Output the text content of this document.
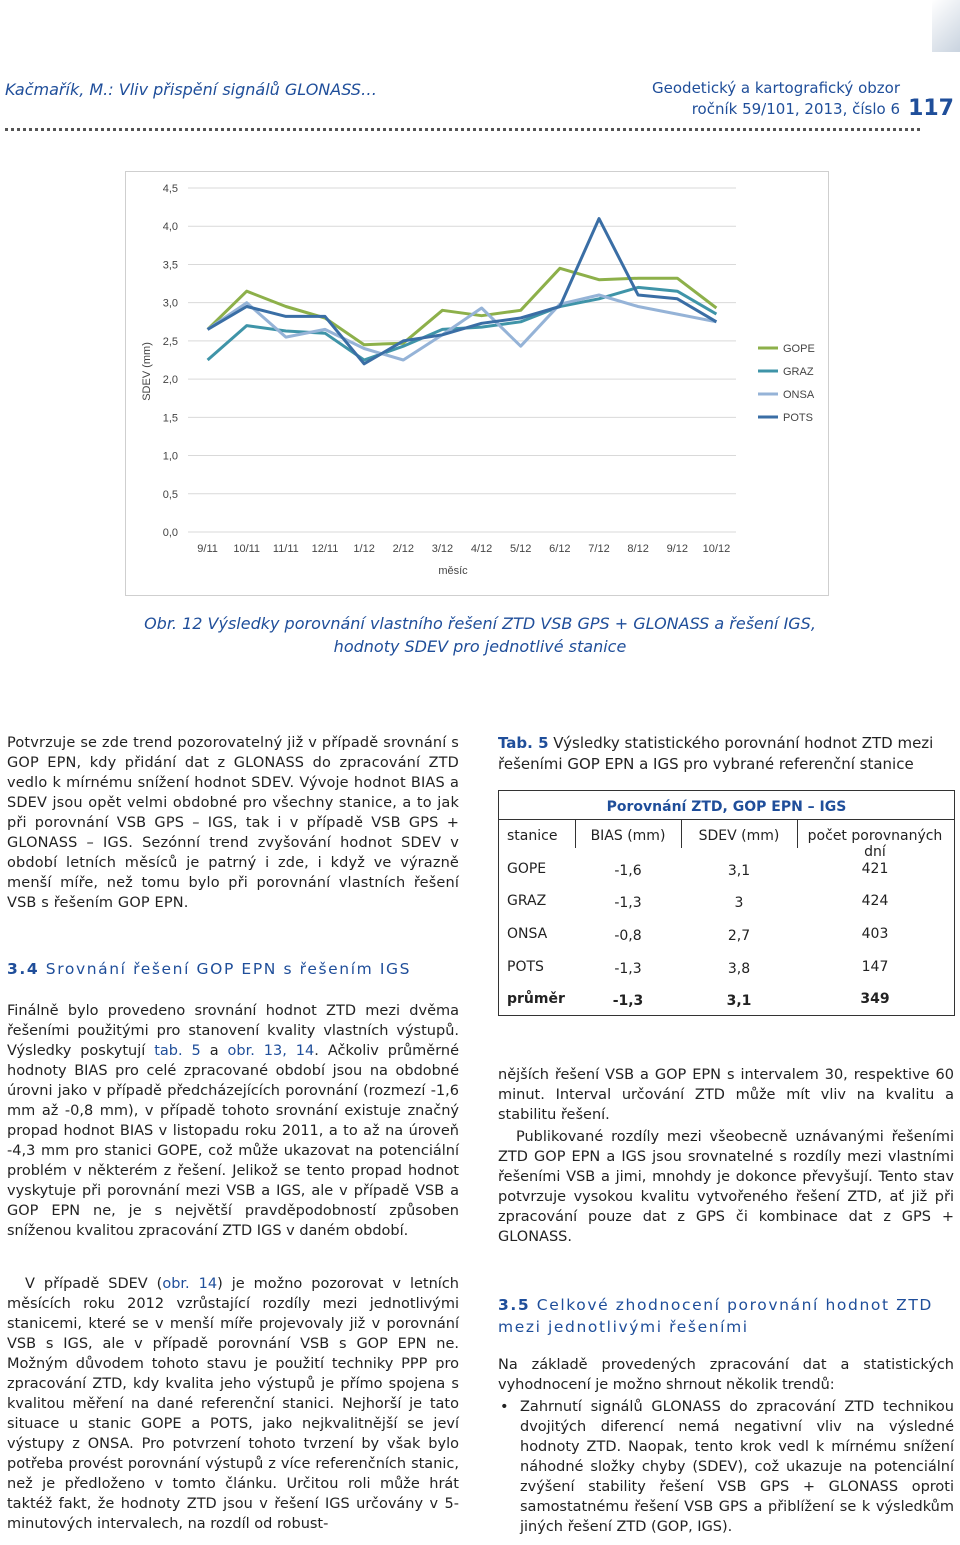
Kačmařík, M.: Vliv přispění signálů GLONASS…	Geodetický a kartografický obzor
ročník 59/101, 2013, číslo 6 117
0,0
0,5
1,0
1,5
2,0
2,5
3,0
3,5
4,0
4,5
9/11 10/11 11/11 12/11 1/12 2/12 3/12 4/12 5/12 6/12 7/12 8/12 9/12 10/12
měsíc
SDEV (mm)	GOPE
GRAZ
ONSA
POTS
Obr. 12 Výsledky porovnání vlastního řešení ZTD VSB GPS + GLONASS a řešení IGS, hodnoty SDEV pro jednotlivé stanice

Potvrzuje se zde trend pozorovatelný již v případě srovnání s GOP EPN, kdy přidání dat z GLONASS do zpracování ZTD vedlo k mírnému snížení hodnot SDEV. Vývoje hodnot BIAS a SDEV jsou opět velmi obdobné pro všechny stanice, a to jak při porovnání VSB GPS – IGS, tak i v případě VSB GPS + GLONASS – IGS. Sezónní trend zvyšování hodnot SDEV v období letních měsíců je patrný i zde, i když ve výrazně menší míře, než tomu bylo při porovnání vlastních řešení VSB s řešením GOP EPN.

3.4 Srovnání řešení GOP EPN s řešením IGS

Finálně bylo provedeno srovnání hodnot ZTD mezi dvěma řešeními použitými pro stanovení kvality vlastních výstupů. Výsledky poskytují tab. 5 a obr. 13, 14. Ačkoliv průměrné hodnoty BIAS pro celé zpracované období jsou na obdobné úrovni jako v případě předcházejících porovnání (rozmezí -1,6 mm až -0,8 mm), v případě tohoto srovnání existuje značný propad hodnot BIAS v listopadu roku 2011, a to až na úroveň -4,3 mm pro stanici GOPE, což může ukazovat na potenciální problém v některém z řešení. Jelikož se tento propad hodnot vyskytuje při porovnání mezi VSB a IGS, ale v případě VSB a GOP EPN ne, je s největší pravděpodobností způsoben sníženou kvalitou zpracování ZTD IGS v daném období.

V případě SDEV (obr. 14) je možno pozorovat v letních měsících roku 2012 vzrůstající rozdíly mezi jednotlivými stanicemi, které se v menší míře projevovaly již v porovnání VSB s IGS, ale v případě porovnání VSB s GOP EPN ne. Možným důvodem tohoto stavu je použití techniky PPP pro zpracování ZTD, kdy kvalita jeho výstupů je přímo spojena s kvalitou měření na dané referenční stanici. Nejhorší je tato situace u stanic GOPE a POTS, jako nejkvalitnější se jeví výstupy z ONSA. Pro potvrzení tohoto tvrzení by však bylo potřeba provést porovnání výstupů z více referenčních stanic, než je předloženo v tomto článku. Určitou roli může hrát taktéž fakt, že hodnoty ZTD jsou v řešení IGS určovány v 5-minutových intervalech, na rozdíl od robust-

Tab. 5 Výsledky statistického porovnání hodnot ZTD mezi řešeními GOP EPN a IGS pro vybrané referenční stanice
Porovnání ZTD, GOP EPN – IGS
stanice	BIAS (mm)	SDEV (mm)	počet porovnaných dní
GOPE	-1,6	3,1	421
GRAZ	-1,3	3	424
ONSA	-0,8	2,7	403
POTS	-1,3	3,8	147
průměr	-1,3	3,1	349

nějších řešení VSB a GOP EPN s intervalem 30, respektive 60 minut. Interval určování ZTD může mít vliv na kvalitu a stabilitu řešení.

Publikované rozdíly mezi všeobecně uznávanými řešeními ZTD GOP EPN a IGS jsou srovnatelné s rozdíly mezi vlastními řešeními VSB a jimi, mnohdy je dokonce převyšují. Tento stav potvrzuje vysokou kvalitu vytvořeného řešení ZTD, ať již při zpracování pouze dat z GPS či kombinace dat z GPS + GLONASS.

3.5 Celkové zhodnocení porovnání hodnot ZTD mezi jednotlivými řešeními

Na základě provedených zpracování dat a statistických vyhodnocení je možno shrnout několik trendů:

• Zahrnutí signálů GLONASS do zpracování ZTD technikou dvojitých diferencí nemá negativní vliv na výsledné hodnoty ZTD. Naopak, tento krok vedl k mírnému snížení náhodné složky chyby (SDEV), což ukazuje na potenciální zvýšení stability řešení VSB GPS + GLONASS oproti samostatnému řešení VSB GPS a přiblížení se k výsledkům jiných řešení ZTD (GOP, IGS).
